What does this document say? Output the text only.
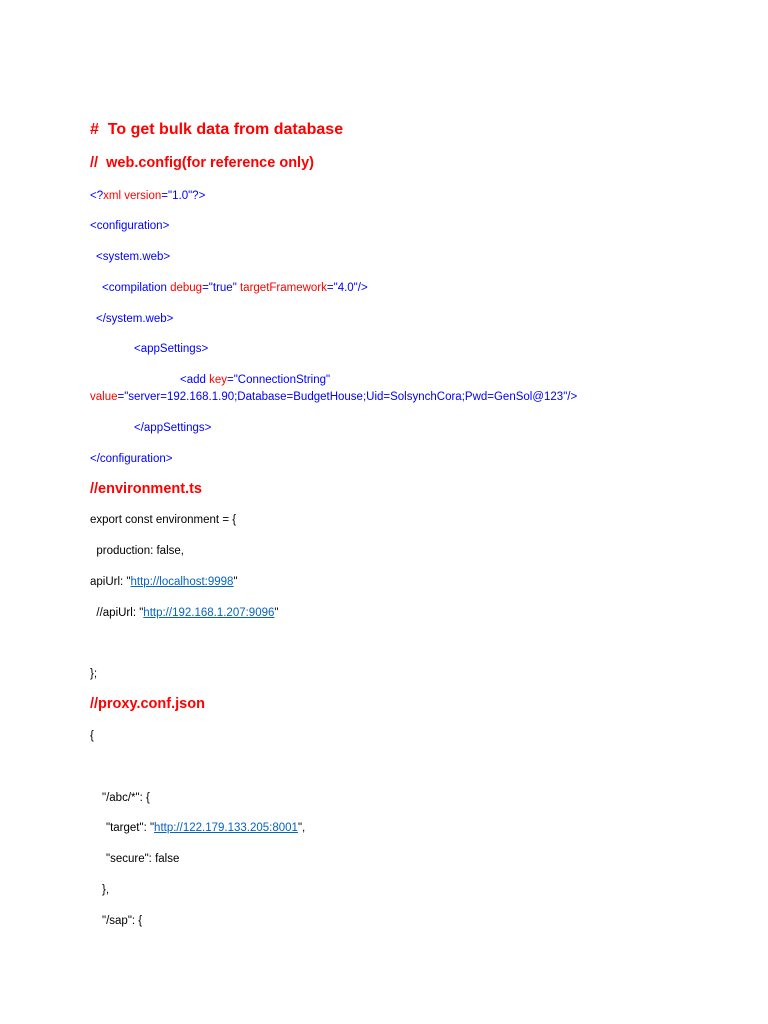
#  To get bulk data from database
//  web.config(for reference only)
<?xml version="1.0"?>
<configuration>
<system.web>
<compilation debug="true" targetFramework="4.0"/>
</system.web>
<appSettings>
<add key="ConnectionString"
value="server=192.168.1.90;Database=BudgetHouse;Uid=SolsynchCora;Pwd=GenSol@123"/>
</appSettings>
</configuration>
//environment.ts
export const environment = {
production: false,
apiUrl: "http://localhost:9998"
//apiUrl: "http://192.168.1.207:9096"
};
//proxy.conf.json
{
"/abc/*": {
"target": "http://122.179.133.205:8001",
"secure": false
},
"/sap": {
